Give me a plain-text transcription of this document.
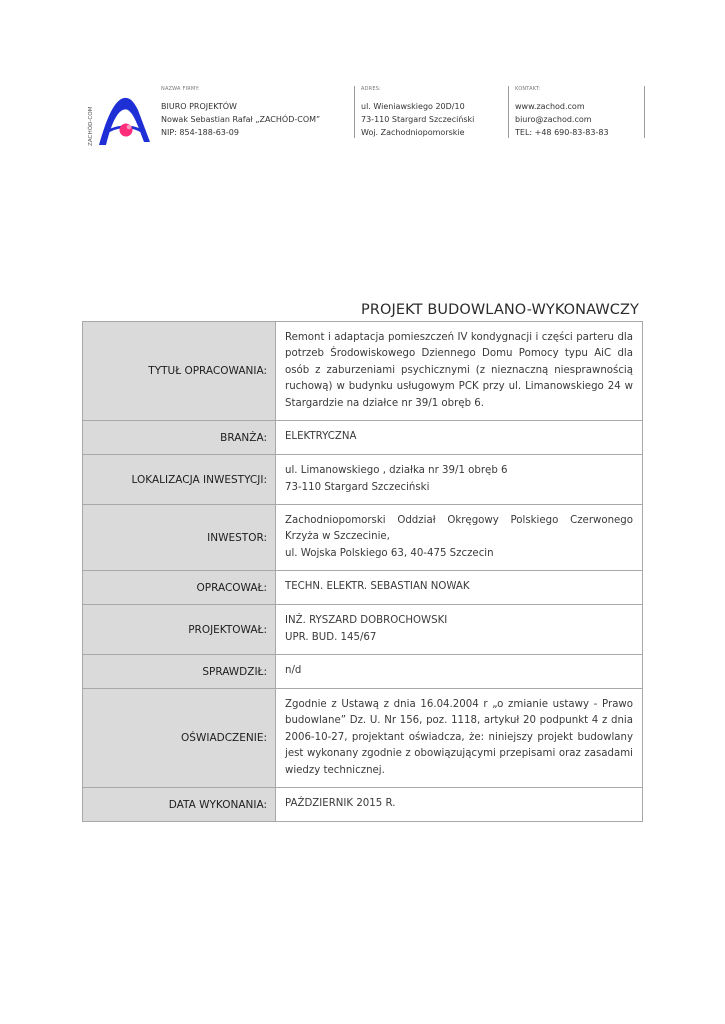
ZACHÓD-COM
NAZWA FIRMY:
BIURO PROJEKTÓW
Nowak Sebastian Rafał „ZACHÓD-COM”
NIP: 854-188-63-09
ADRES:
ul. Wieniawskiego 20D/10
73-110 Stargard Szczeciński
Woj. Zachodniopomorskie
KONTAKT:
www.zachod.com
biuro@zachod.com
TEL: +48 690-83-83-83
PROJEKT BUDOWLANO-WYKONAWCZY
TYTUŁ OPRACOWANIA:	Remont i adaptacja pomieszczeń IV kondygnacji i części parteru dla potrzeb Środowiskowego Dziennego Domu Pomocy typu AiC dla osób z zaburzeniami psychicznymi (z nieznaczną niesprawnością ruchową) w budynku usługowym PCK przy ul. Limanowskiego 24 w Stargardzie na działce nr 39/1 obręb 6.

BRANŻA:	ELEKTRYCZNA

LOKALIZACJA INWESTYCJI:	ul. Limanowskiego , działka nr 39/1 obręb 6
73-110 Stargard Szczeciński

INWESTOR:	Zachodniopomorski Oddział Okręgowy Polskiego Czerwonego Krzyża w Szczecinie,
ul. Wojska Polskiego 63, 40-475 Szczecin

OPRACOWAŁ:	TECHN. ELEKTR. SEBASTIAN NOWAK

PROJEKTOWAŁ:	INŻ. RYSZARD DOBROCHOWSKI
UPR. BUD. 145/67

SPRAWDZIŁ:	n/d

OŚWIADCZENIE:	Zgodnie z Ustawą z dnia 16.04.2004 r „o zmianie ustawy - Prawo budowlane” Dz. U. Nr 156, poz. 1118, artykuł 20 podpunkt 4 z dnia 2006-10-27, projektant oświadcza, że: niniejszy projekt budowlany jest wykonany zgodnie z obowiązującymi przepisami oraz zasadami wiedzy technicznej.

DATA WYKONANIA:	PAŹDZIERNIK 2015 R.
